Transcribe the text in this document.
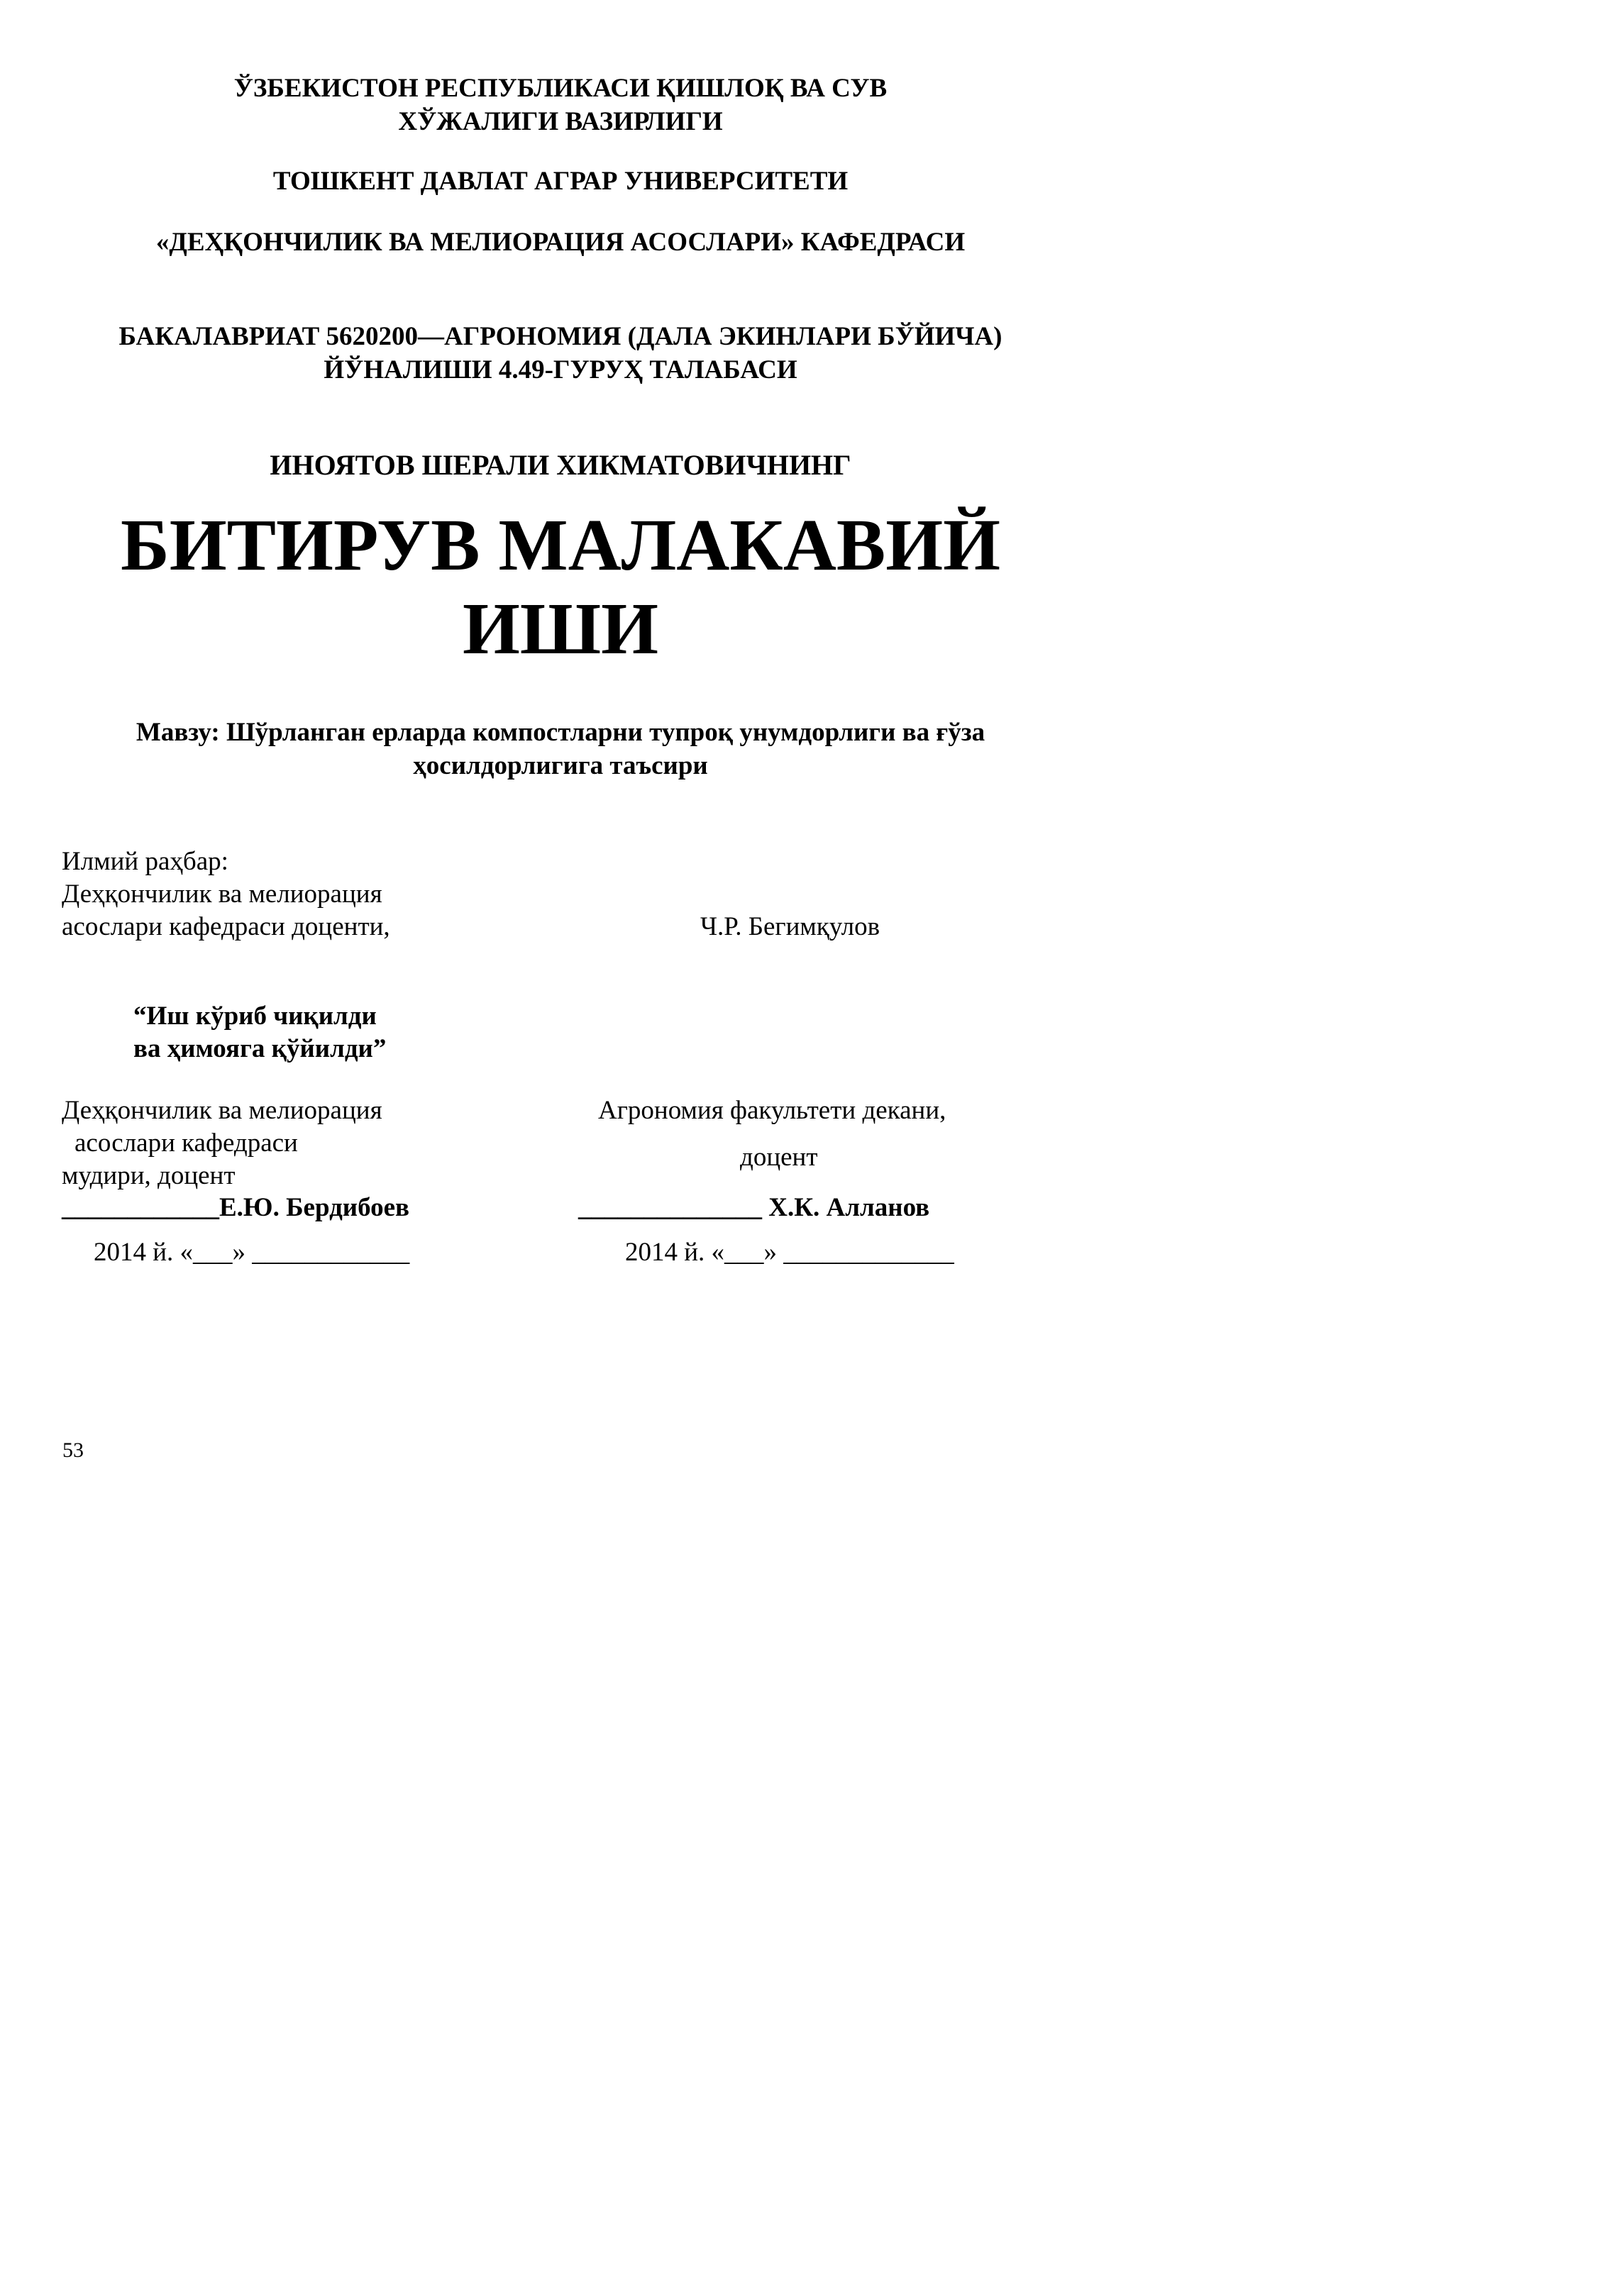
ЎЗБЕКИСТОН РЕСПУБЛИКАСИ ҚИШЛОҚ ВА СУВ
ХЎЖАЛИГИ ВАЗИРЛИГИ
ТОШКЕНТ ДАВЛАТ АГРАР УНИВЕРСИТЕТИ
«ДЕҲҚОНЧИЛИК ВА МЕЛИОРАЦИЯ АСОСЛАРИ» КАФЕДРАСИ
БАКАЛАВРИАТ 5620200—АГРОНОМИЯ (ДАЛА ЭКИНЛАРИ БЎЙИЧА)
ЙЎНАЛИШИ 4.49-ГУРУҲ ТАЛАБАСИ
ИНОЯТОВ ШЕРАЛИ ХИКМАТОВИЧНИНГ
БИТИРУВ МАЛАКАВИЙ
ИШИ
Мавзу: Шўрланган ерларда компостларни тупроқ унумдорлиги ва ғўза
ҳосилдорлигига таъсири
Илмий раҳбар:
Деҳқончилик ва мелиорация
асослари кафедраси доценти,	Ч.Р. Бегимқулов
“Иш кўриб чиқилди
ва ҳимояга қўйилди”
Деҳқончилик ва мелиорация
асослари кафедраси
мудири, доцент
____________Е.Ю. Бердибоев
2014 й. «___» ____________
Агрономия факультети декани,
доцент
______________ Х.К. Алланов
2014 й. «___» _____________
53
